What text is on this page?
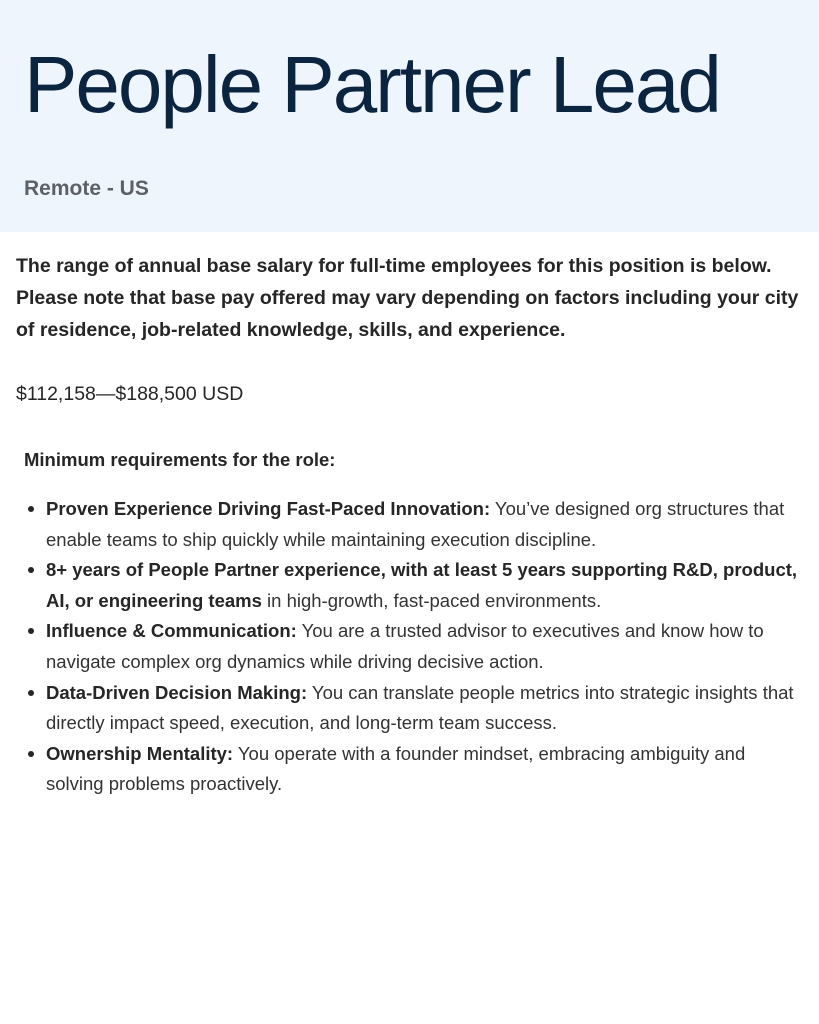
People Partner Lead
Remote - US

The range of annual base salary for full-time employees for this position is below. Please note that base pay offered may vary depending on factors including your city of residence, job-related knowledge, skills, and experience.

$112,158—$188,500 USD
Minimum requirements for the role:
Proven Experience Driving Fast-Paced Innovation: You’ve designed org structures that enable teams to ship quickly while maintaining execution discipline.
8+ years of People Partner experience, with at least 5 years supporting R&D, product, AI, or engineering teams in high-growth, fast-paced environments.
Influence & Communication: You are a trusted advisor to executives and know how to navigate complex org dynamics while driving decisive action.
Data-Driven Decision Making: You can translate people metrics into strategic insights that directly impact speed, execution, and long-term team success.
Ownership Mentality: You operate with a founder mindset, embracing ambiguity and solving problems proactively.
